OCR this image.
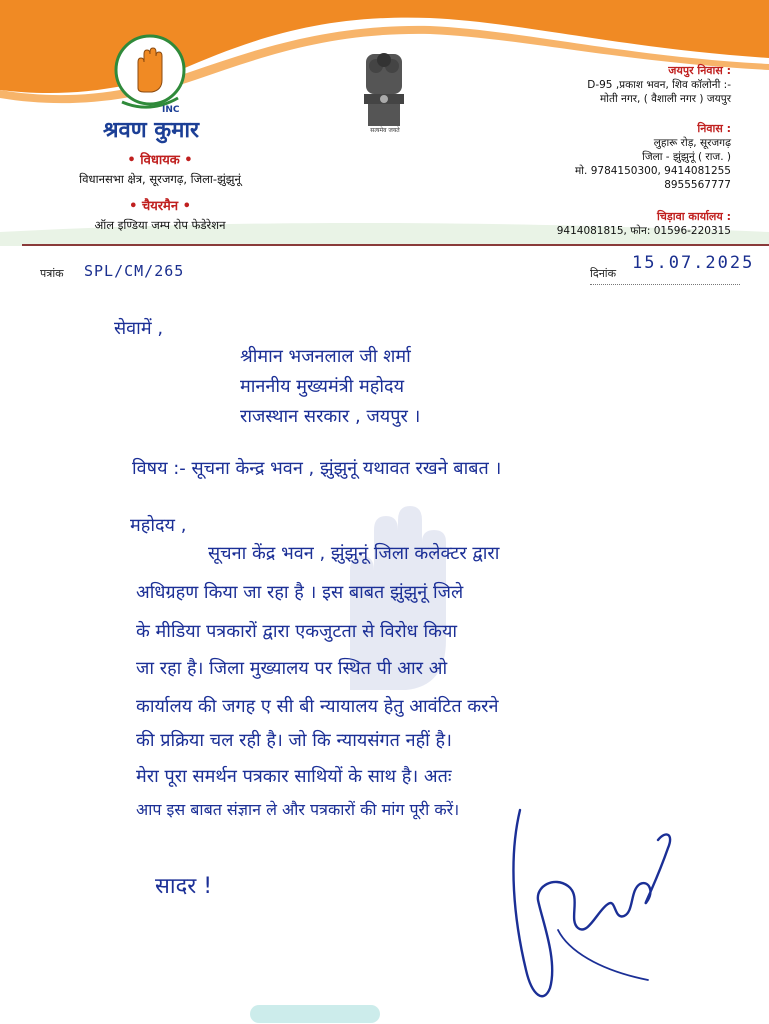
INC
श्रवण कुमार
• विधायक •
विधानसभा क्षेत्र, सूरजगढ़, जिला-झुंझुनूं
• चैयरमैन •
ऑल इण्डिया जम्प रोप फेडेरेशन
सत्यमेव जयते
जयपुर निवास :
D-95 ,प्रकाश भवन, शिव कॉलोनी :-
मोती नगर, ( वैशाली नगर ) जयपुर
निवास :
लुहारू रोड़, सूरजगढ़
जिला - झुंझुनूं ( राज. )
मो. 9784150300, 9414081255
8955567777
चिड़ावा कार्यालय :
9414081815, फोन: 01596-220315
पत्रांक SPL/CM/265	दिनांक
15.07.2025
सेवामें ,
श्रीमान भजनलाल जी शर्मा
माननीय मुख्यमंत्री महोदय
राजस्थान सरकार , जयपुर ।
विषय :- सूचना केन्द्र भवन , झुंझुनूं यथावत रखने बाबत ।
महोदय ,
सूचना केंद्र भवन , झुंझुनूं जिला कलेक्टर द्वारा
अधिग्रहण किया जा रहा है । इस बाबत झुंझुनूं जिले
के मीडिया पत्रकारों द्वारा एकजुटता से विरोध किया
जा रहा है। जिला मुख्यालय पर स्थित पी आर ओ
कार्यालय की जगह ए सी बी न्यायालय हेतु आवंटित करने
की प्रक्रिया चल रही है। जो कि न्यायसंगत नहीं है।
मेरा पूरा समर्थन पत्रकार साथियों के साथ है। अतः
आप इस बाबत संज्ञान ले और पत्रकारों की मांग पूरी करें।
सादर !
